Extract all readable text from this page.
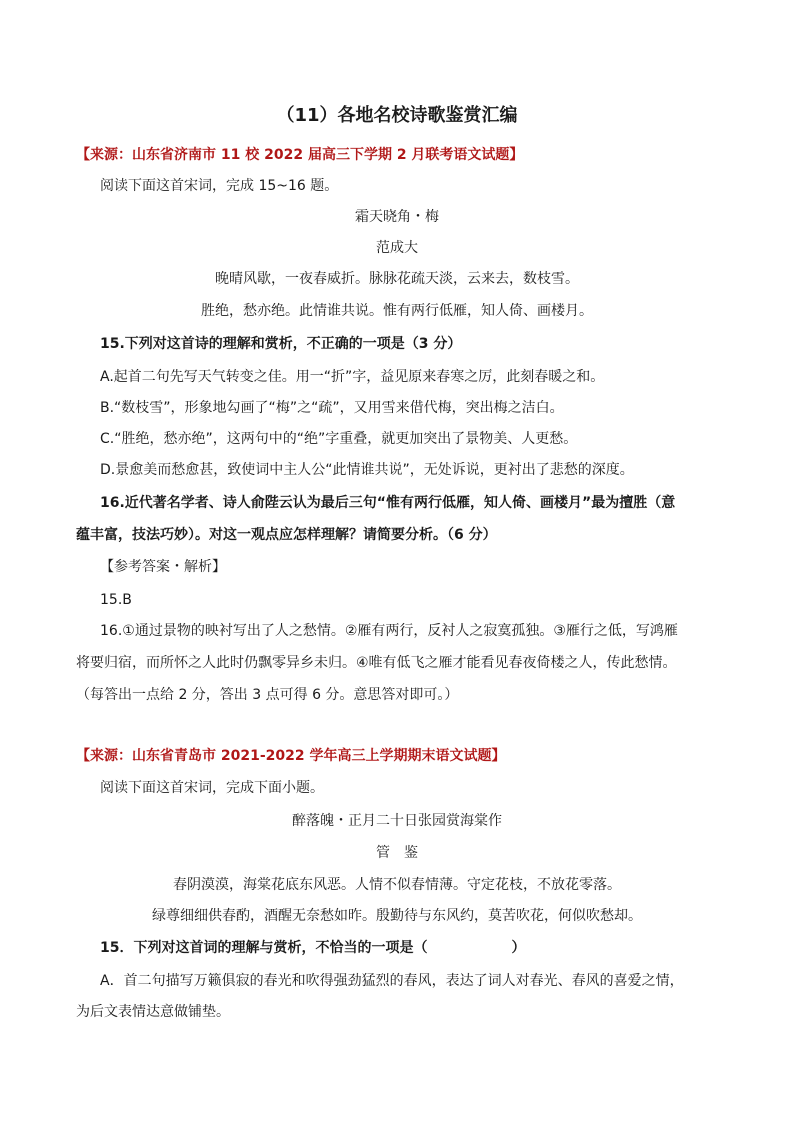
（11）各地名校诗歌鉴赏汇编
【来源：山东省济南市 11 校 2022 届高三下学期 2 月联考语文试题】
阅读下面这首宋词，完成 15~16 题。
霜天晓角・梅
范成大
晚晴风歇，一夜春威折。脉脉花疏天淡，云来去，数枝雪。
胜绝，愁亦绝。此情谁共说。惟有两行低雁，知人倚、画楼月。
15.下列对这首诗的理解和赏析，不正确的一项是（3 分）
A.起首二句先写天气转变之佳。用一“折”字，益见原来春寒之厉，此刻春暖之和。
B.“数枝雪”，形象地勾画了“梅”之“疏”，又用雪来借代梅，突出梅之洁白。
C.“胜绝，愁亦绝”，这两句中的“绝”字重叠，就更加突出了景物美、人更愁。
D.景愈美而愁愈甚，致使词中主人公“此情谁共说”，无处诉说，更衬出了悲愁的深度。
16.近代著名学者、诗人俞陛云认为最后三句“惟有两行低雁，知人倚、画楼月”最为擅胜（意
蕴丰富，技法巧妙）。对这一观点应怎样理解？请简要分析。（6 分）
【参考答案・解析】
15.B
16.①通过景物的映衬写出了人之愁情。②雁有两行，反衬人之寂寞孤独。③雁行之低，写鸿雁
将要归宿，而所怀之人此时仍飘零异乡未归。④唯有低飞之雁才能看见春夜倚楼之人，传此愁情。
（每答出一点给 2 分，答出 3 点可得 6 分。意思答对即可。）
【来源：山东省青岛市 2021-2022 学年高三上学期期末语文试题】
阅读下面这首宋词，完成下面小题。
醉落魄・正月二十日张园赏海棠作
管　鉴
春阴漠漠，海棠花底东风恶。人情不似春情薄。守定花枝，不放花零落。
绿尊细细供春酌，酒醒无奈愁如昨。殷勤待与东风约，莫苦吹花，何似吹愁却。
15．下列对这首词的理解与赏析，不恰当的一项是（	）
A．首二句描写万籁俱寂的春光和吹得强劲猛烈的春风，表达了词人对春光、春风的喜爱之情，
为后文表情达意做铺垫。
